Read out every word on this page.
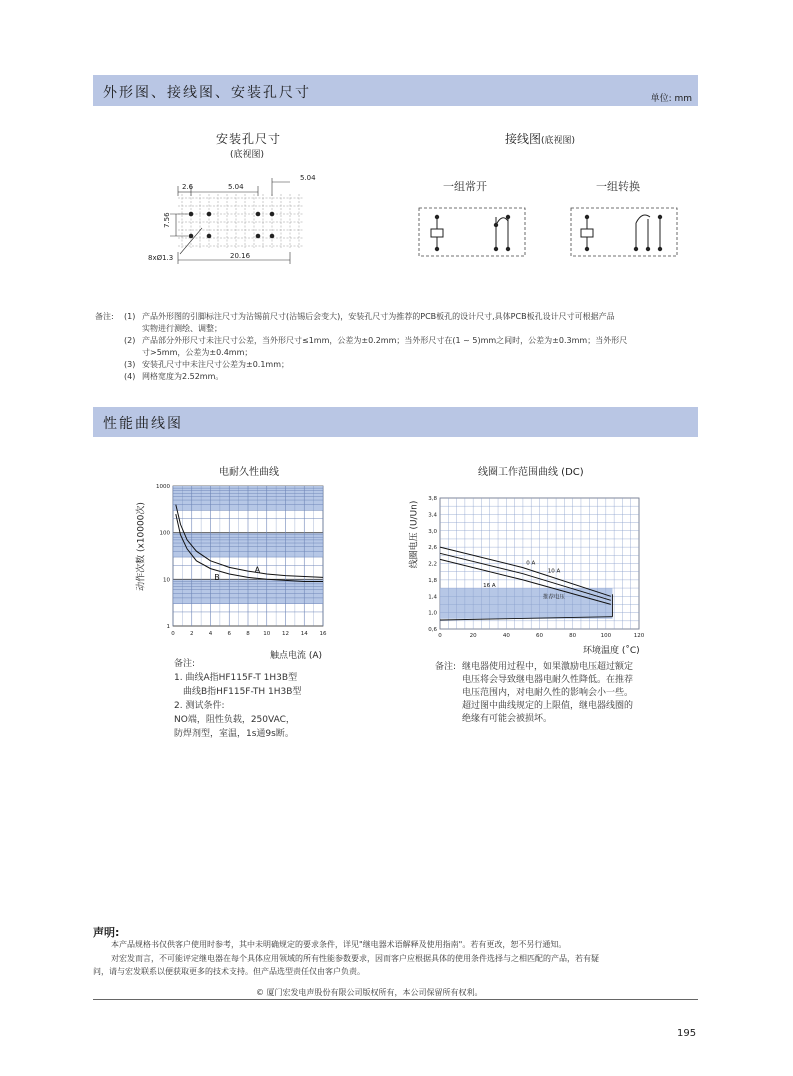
外形图、接线图、安装孔尺寸	单位: mm
安装孔尺寸
(底视图)
2.6	5.04
5.04
7.56
20.16
8xØ1.3
接线图(底视图)
一组常开	一组转换
备注: (1) 产品外形图的引脚标注尺寸为沾锡前尺寸(沾锡后会变大)，安装孔尺寸为推荐的PCB板孔的设计尺寸,具体PCB板孔设计尺寸可根据产品
实物进行测绘、调整；
(2) 产品部分外形尺寸未注尺寸公差，当外形尺寸≤1mm，公差为±0.2mm；当外形尺寸在(1 ~ 5)mm之间时，公差为±0.3mm；当外形尺
寸>5mm，公差为±0.4mm；
(3) 安装孔尺寸中未注尺寸公差为±0.1mm；
(4) 网格宽度为2.52mm。
性能曲线图
电耐久性曲线
0	2	4	6	8 10 12 14 16
1
10
100
1000
A
B
触点电流 (A)
动作次数 (x10000次)
备注:
1. 曲线A指HF115F-T 1H3B型
曲线B指HF115F-TH 1H3B型
2. 测试条件:
NO端，阻性负载，250VAC，
防焊剂型，室温，1s通9s断。
线圈工作范围曲线 (DC)
0	20	40	60	80	100	120
0,6
1,0
1,4
1,8
2,2
2,6
3,0
3,4
3,8
0 A
10 A
16 A
推荐电压
环境温度 (˚C)
线圈电压 (U/Un)
备注: 继电器使用过程中，如果激励电压超过额定
电压将会导致继电器电耐久性降低。在推荐
电压范围内，对电耐久性的影响会小一些。
超过图中曲线规定的上限值，继电器线圈的
绝缘有可能会被损坏。
声明:
本产品规格书仅供客户使用时参考，其中未明确规定的要求条件，详见"继电器术语解释及使用指南"。若有更改，恕不另行通知。
对宏发而言，不可能评定继电器在每个具体应用领域的所有性能参数要求，因而客户应根据具体的使用条件选择与之相匹配的产品，若有疑
问，请与宏发联系以便获取更多的技术支持。但产品选型责任仅由客户负责。
© 厦门宏发电声股份有限公司版权所有，本公司保留所有权利。
195
